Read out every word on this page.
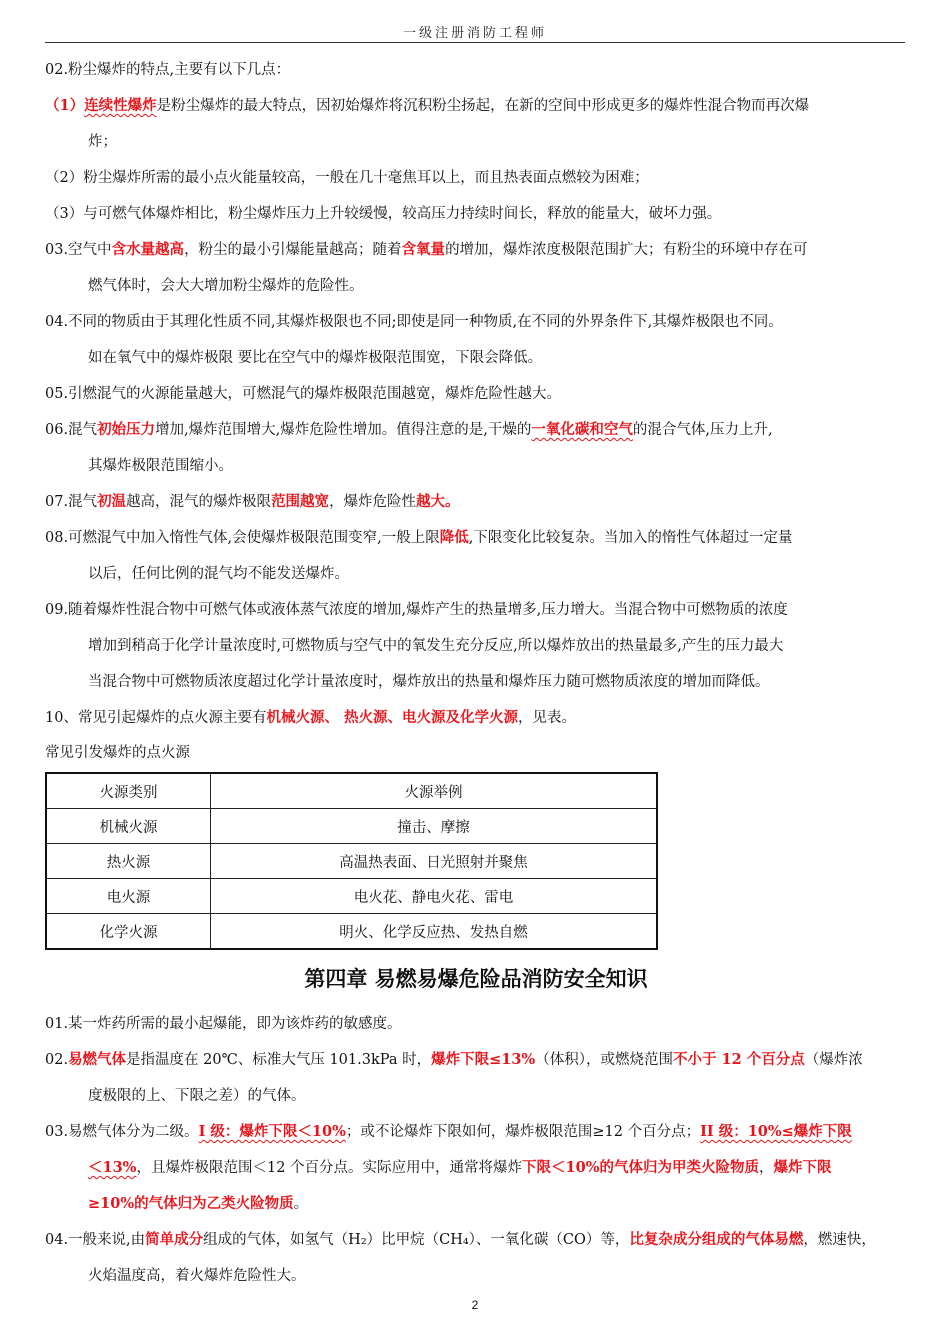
一级注册消防工程师

02.粉尘爆炸的特点,主要有以下几点：

（1）连续性爆炸是粉尘爆炸的最大特点，因初始爆炸将沉积粉尘扬起，在新的空间中形成更多的爆炸性混合物而再次爆

炸；

（2）粉尘爆炸所需的最小点火能量较高，一般在几十毫焦耳以上，而且热表面点燃较为困难；

（3）与可燃气体爆炸相比，粉尘爆炸压力上升较缓慢，较高压力持续时间长，释放的能量大，破坏力强。

03.空气中含水量越高，粉尘的最小引爆能量越高；随着含氧量的增加，爆炸浓度极限范围扩大；有粉尘的环境中存在可

燃气体时，会大大增加粉尘爆炸的危险性。

04.不同的物质由于其理化性质不同,其爆炸极限也不同;即使是同一种物质,在不同的外界条件下,其爆炸极限也不同。

如在氧气中的爆炸极限 要比在空气中的爆炸极限范围宽，下限会降低。

05.引燃混气的火源能量越大，可燃混气的爆炸极限范围越宽，爆炸危险性越大。

06.混气初始压力增加,爆炸范围增大,爆炸危险性增加。值得注意的是,干燥的一氧化碳和空气的混合气体,压力上升,

其爆炸极限范围缩小。

07.混气初温越高，混气的爆炸极限范围越宽，爆炸危险性越大。

08.可燃混气中加入惰性气体,会使爆炸极限范围变窄,一般上限降低,下限变化比较复杂。当加入的惰性气体超过一定量

以后，任何比例的混气均不能发送爆炸。

09.随着爆炸性混合物中可燃气体或液体蒸气浓度的增加,爆炸产生的热量增多,压力增大。当混合物中可燃物质的浓度

增加到稍高于化学计量浓度时,可燃物质与空气中的氧发生充分反应,所以爆炸放出的热量最多,产生的压力最大

当混合物中可燃物质浓度超过化学计量浓度时，爆炸放出的热量和爆炸压力随可燃物质浓度的增加而降低。

10、常见引起爆炸的点火源主要有机械火源、 热火源、电火源及化学火源，见表。

常见引发爆炸的点火源

火源类别	火源举例
机械火源	撞击、摩擦
热火源	高温热表面、日光照射并聚焦
电火源	电火花、静电火花、雷电
化学火源	明火、化学反应热、发热自燃
第四章 易燃易爆危险品消防安全知识

01.某一炸药所需的最小起爆能，即为该炸药的敏感度。

02.易燃气体是指温度在 20℃、标准大气压 101.3kPa 时，爆炸下限≤13%（体积），或燃烧范围不小于 12 个百分点（爆炸浓

度极限的上、下限之差）的气体。

03.易燃气体分为二级。I 级：爆炸下限＜10%；或不论爆炸下限如何，爆炸极限范围≥12 个百分点；II 级：10%≤爆炸下限

＜13%，且爆炸极限范围＜12 个百分点。实际应用中，通常将爆炸下限＜10%的气体归为甲类火险物质，爆炸下限

≥10%的气体归为乙类火险物质。

04.一般来说,由简单成分组成的气体，如氢气（H₂）比甲烷（CH₄）、一氧化碳（CO）等，比复杂成分组成的气体易燃，燃速快，

火焰温度高，着火爆炸危险性大。

2
